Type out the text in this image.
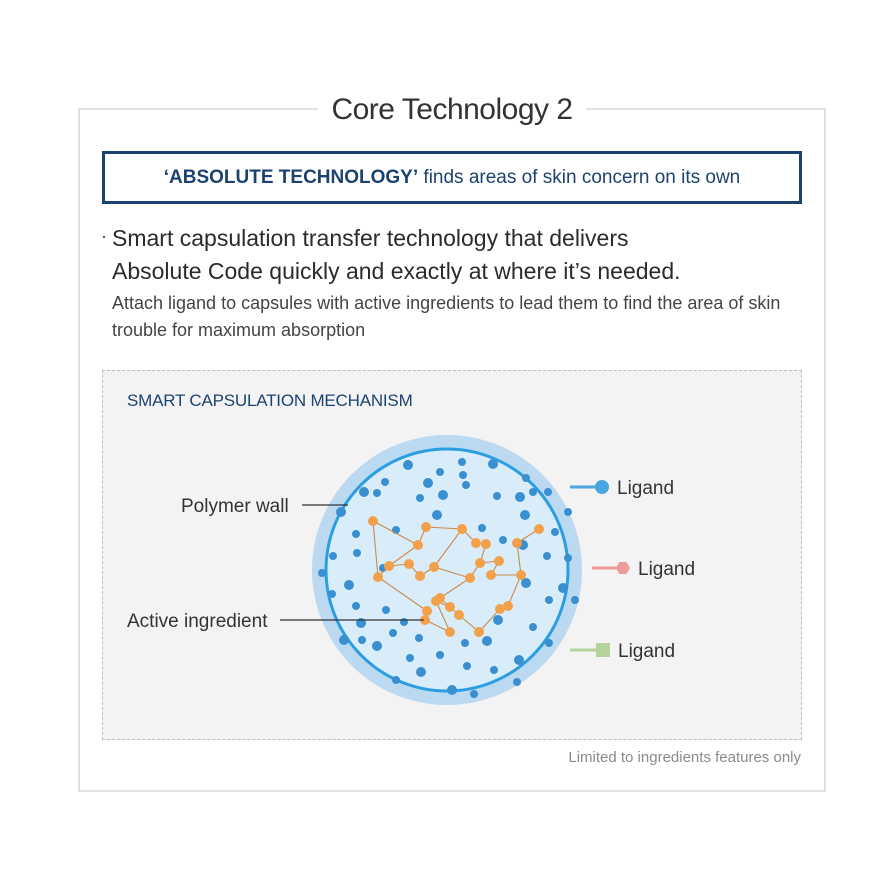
Core Technology 2
‘ABSOLUTE TECHNOLOGY’ finds areas of skin concern on its own
· Smart capsulation transfer technology that delivers
Absolute Code quickly and exactly at where it’s needed.
Attach ligand to capsules with active ingredients to lead them to find the area of skin trouble for maximum absorption
SMART CAPSULATION MECHANISM
Ligand
Ligand
Ligand
Polymer wall
Active ingredient
Limited to ingredients features only
